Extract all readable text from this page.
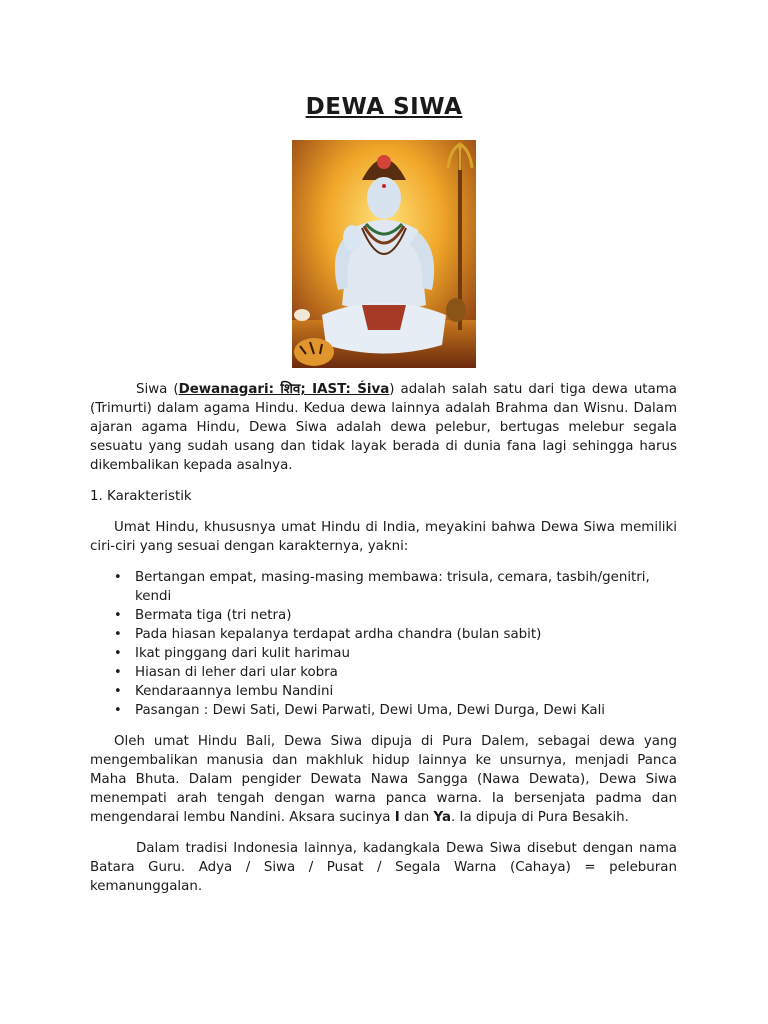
DEWA SIWA

Siwa (Dewanagari: शिव; IAST: Śiva) adalah salah satu dari tiga dewa utama (Trimurti) dalam agama Hindu. Kedua dewa lainnya adalah Brahma dan Wisnu. Dalam ajaran agama Hindu, Dewa Siwa adalah dewa pelebur, bertugas melebur segala sesuatu yang sudah usang dan tidak layak berada di dunia fana lagi sehingga harus dikembalikan kepada asalnya.

1. Karakteristik

Umat Hindu, khususnya umat Hindu di India, meyakini bahwa Dewa Siwa memiliki ciri-ciri yang sesuai dengan karakternya, yakni:

• Bertangan empat, masing-masing membawa: trisula, cemara, tasbih/genitri, kendi
• Bermata tiga (tri netra)
• Pada hiasan kepalanya terdapat ardha chandra (bulan sabit)
• Ikat pinggang dari kulit harimau
• Hiasan di leher dari ular kobra
• Kendaraannya lembu Nandini
• Pasangan : Dewi Sati, Dewi Parwati, Dewi Uma, Dewi Durga, Dewi Kali

Oleh umat Hindu Bali, Dewa Siwa dipuja di Pura Dalem, sebagai dewa yang mengembalikan manusia dan makhluk hidup lainnya ke unsurnya, menjadi Panca Maha Bhuta. Dalam pengider Dewata Nawa Sangga (Nawa Dewata), Dewa Siwa menempati arah tengah dengan warna panca warna. Ia bersenjata padma dan mengendarai lembu Nandini. Aksara sucinya I dan Ya. Ia dipuja di Pura Besakih.

Dalam tradisi Indonesia lainnya, kadangkala Dewa Siwa disebut dengan nama Batara Guru. Adya / Siwa / Pusat / Segala Warna (Cahaya) = peleburan kemanunggalan.
